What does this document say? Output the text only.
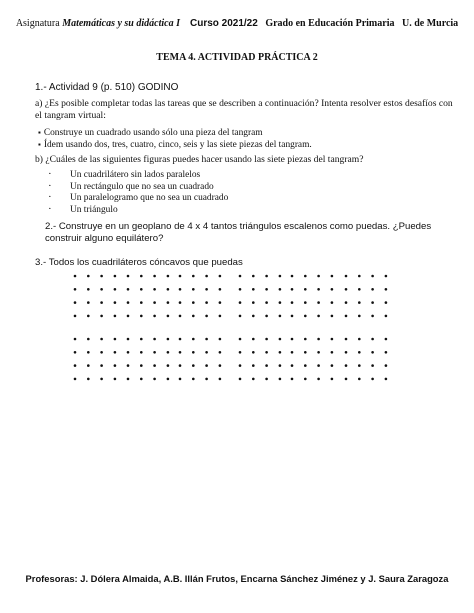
Asignatura Matemáticas y su didáctica I Curso 2021/22 Grado en Educación Primaria U. de Murcia
TEMA 4. ACTIVIDAD PRÁCTICA 2
1.- Actividad 9 (p. 510) GODINO
a) ¿Es posible completar todas las tareas que se describen a continuación? Intenta resolver estos desafíos con el tangram virtual:
▪ Construye un cuadrado usando sólo una pieza del tangram
▪ Ídem usando dos, tres, cuatro, cinco, seis y las siete piezas del tangram.
b) ¿Cuáles de las siguientes figuras puedes hacer usando las siete piezas del tangram?
· Un cuadrilátero sin lados paralelos
· Un rectángulo que no sea un cuadrado
· Un paralelogramo que no sea un cuadrado
· Un triángulo
2.- Construye en un geoplano de 4 x 4 tantos triángulos escalenos como puedas. ¿Puedes construir alguno equilátero?
3.- Todos los cuadriláteros cóncavos que puedas
Profesoras: J. Dólera Almaida, A.B. Illán Frutos, Encarna Sánchez Jiménez y J. Saura Zaragoza
